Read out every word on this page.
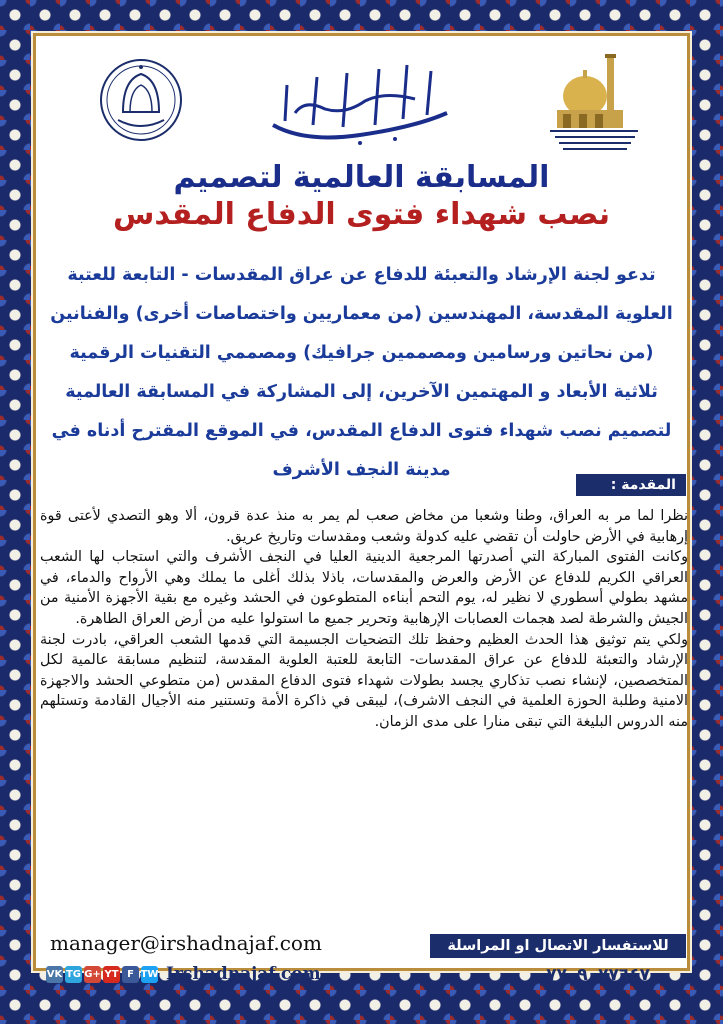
المسابقة العالمية لتصميم
نصب شهداء فتوى الدفاع المقدس
تدعو لجنة الإرشاد والتعبئة للدفاع عن عراق المقدسات - التابعة للعتبة العلوية المقدسة، المهندسين (من معماريين واختصاصات أخرى) والفنانين (من نحاتين ورسامين ومصممين جرافيك) ومصممي التقنيات الرقمية ثلاثية الأبعاد و المهتمين الآخرين، إلى المشاركة في المسابقة العالمية لتصميم نصب شهداء فتوى الدفاع المقدس، في الموقع المقترح أدناه في مدينة النجف الأشرف
المقدمة :

نظرا لما مر به العراق، وطنا وشعبا من مخاض صعب لم يمر به منذ عدة قرون، ألا وهو التصدي لأعتى قوة إرهابية في الأرض حاولت أن تقضي عليه كدولة وشعب ومقدسات وتاريخ عريق.

وكانت الفتوى المباركة التي أصدرتها المرجعية الدينية العليا في النجف الأشرف والتي استجاب لها الشعب العراقي الكريم للدفاع عن الأرض والعرض والمقدسات، باذلا بذلك أغلى ما يملك وهي الأرواح والدماء، في مشهد بطولي أسطوري لا نظير له، يوم التحم أبناءه المتطوعون في الحشد وغيره مع بقية الأجهزة الأمنية من الجيش والشرطة لصد هجمات العصابات الإرهابية وتحرير جميع ما استولوا عليه من أرض العراق الطاهرة.

ولكي يتم توثيق هذا الحدث العظيم وحفظ تلك التضحيات الجسيمة التي قدمها الشعب العراقي، بادرت لجنة الإرشاد والتعبئة للدفاع عن عراق المقدسات- التابعة للعتبة العلوية المقدسة، لتنظيم مسابقة عالمية لكل المتخصصين، لإنشاء نصب تذكاري يجسد بطولات شهداء فتوى الدفاع المقدس (من متطوعي الحشد والاجهزة الامنية وطلبة الحوزة العلمية في النجف الاشرف)، ليبقى في ذاكرة الأمة وتستنير منه الأجيال القادمة وتستلهم منه الدروس البليغة التي تبقى منارا على مدى الزمان.

manager@irshadnajaf.com	للاستفسار الاتصال او المراسلة
VK TG G+ YT F TW Irshadnajaf.com	٠٧٧٠٩٠٧٧٦٤٧
